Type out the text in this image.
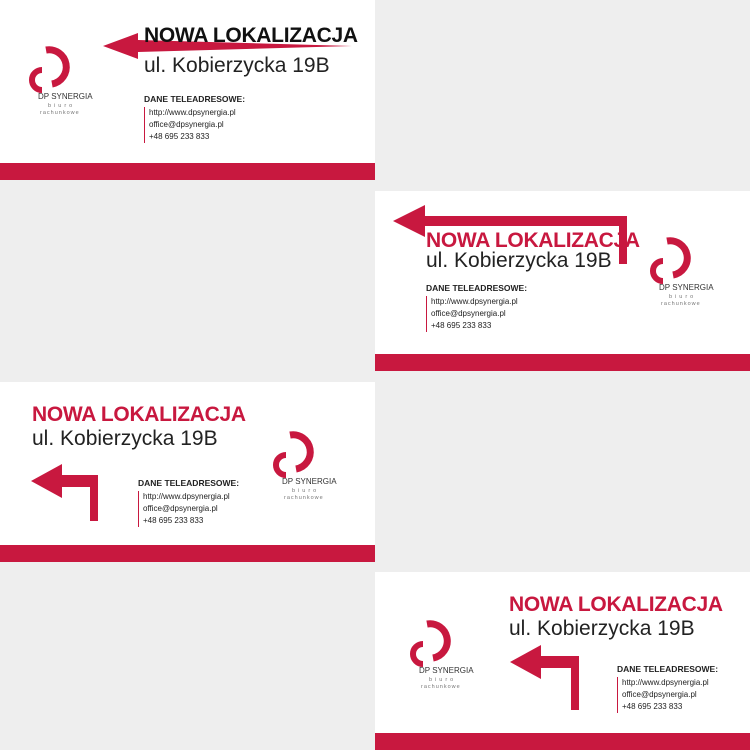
NOWA LOKALIZACJA
ul. Kobierzycka 19B
DP SYNERGIA
biuro
rachunkowe
DANE TELEADRESOWE:
http://www.dpsynergia.pl
office@dpsynergia.pl
+48 695 233 833
NOWA LOKALIZACJA
ul. Kobierzycka 19B
DP SYNERGIA
biuro
rachunkowe
DANE TELEADRESOWE:
http://www.dpsynergia.pl
office@dpsynergia.pl
+48 695 233 833
NOWA LOKALIZACJA
ul. Kobierzycka 19B
DP SYNERGIA
biuro
rachunkowe
DANE TELEADRESOWE:
http://www.dpsynergia.pl
office@dpsynergia.pl
+48 695 233 833
NOWA LOKALIZACJA
ul. Kobierzycka 19B
DP SYNERGIA
biuro
rachunkowe
DANE TELEADRESOWE:
http://www.dpsynergia.pl
office@dpsynergia.pl
+48 695 233 833
